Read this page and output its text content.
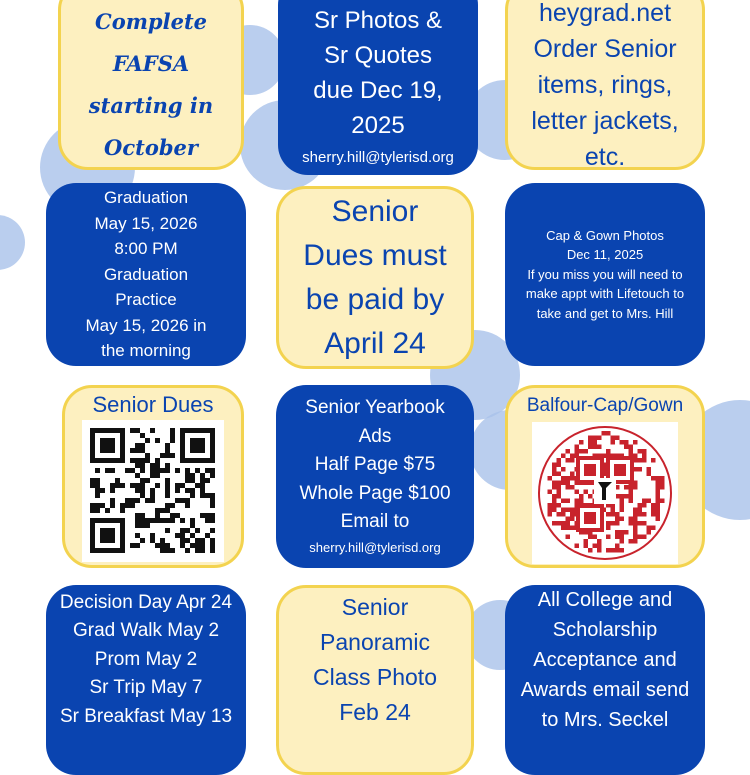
Complete
FAFSA
starting in
October
Sr Photos &
Sr Quotes
due Dec 19,
2025
sherry.hill@tylerisd.org
heygrad.net
Order Senior
items, rings,
letter jackets,
etc.
Graduation
May 15, 2026
8:00 PM
Graduation
Practice
May 15, 2026 in
the morning
Senior
Dues must
be paid by
April 24
Cap & Gown Photos
Dec 11, 2025
If you miss you will need to
make appt with Lifetouch to
take and get to Mrs. Hill
Senior Dues	Senior Yearbook
Ads
Half Page $75
Whole Page $100
Email to
sherry.hill@tylerisd.org
Balfour-Cap/Gown
Decision Day Apr 24
Grad Walk May 2
Prom May 2
Sr Trip May 7
Sr Breakfast May 13
Senior
Panoramic
Class Photo
Feb 24
All College and
Scholarship
Acceptance and
Awards email send
to Mrs. Seckel
